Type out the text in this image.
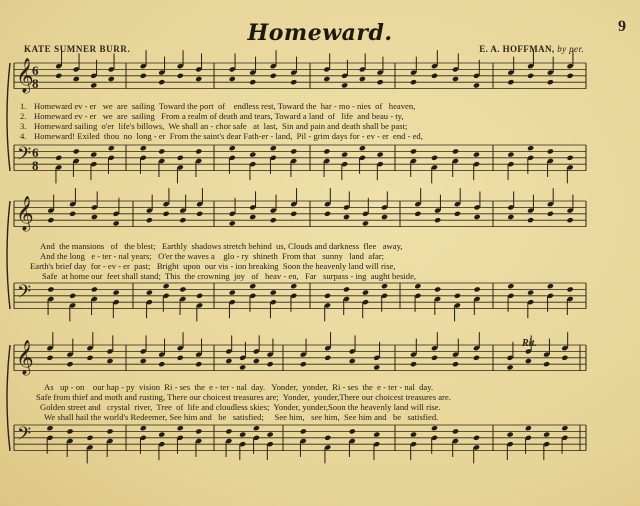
Homeward.	9
KATE SUMNER BURR.	E. A. HOFFMAN, by per.
Rit.
𝄞
6
8
𝄢 6
8
𝄞
𝄢
𝄞
𝄢
1. Homeward ev - er   we  are  sailing  Toward the port  of    endless rest, Toward the  har - mo - nies  of   heaven,
2. Homeward ev - er   we  are  sailing   From a realm of death and tears, Toward a land  of   life  and beau - ty,
3. Homeward sailing  o'er  life's billows,  We shall an - chor safe   at  last,  Sin and pain and death shall be past;
4. Homeward! Exiled  thou  no  long - er  From the saint's dear Fath-er - land,  Pil - grim days for - ev - er  end - ed,
And  the mansions   of   the blest;   Earthly  shadows stretch behind  us, Clouds and darkness  flee   away,
And the long   e - ter - nal years;   O'er the waves a    glo - ry  shineth  From that   sunny   land  afar;
Earth's brief day  for - ev - er  past;   Bright  upon  our vis - ion breaking  Soon the heavenly land will rise,
Safe  at home our  feet shall stand;  This  the crowning  joy   of   heav - en,   Far   surpass - ing  aught beside,
As   up - on    our hap - py  vision  Ri - ses  the  e - ter - nal  day.   Yonder,  yonder,  Ri - ses  the  e - ter - nal  day.
Safe from thief and moth and rusting, There our choicest treasures are;  Yonder,  yonder,There our choicest treasures are.
Golden street and   crystal  river,  Tree  of  life and cloudless skies;  Yonder, yonder,Soon the heavenly land will rise.
We shall hail the world's Redeemer, See him and   be   satisfied;     See him,   see him,  See him and   be   satisfied.
